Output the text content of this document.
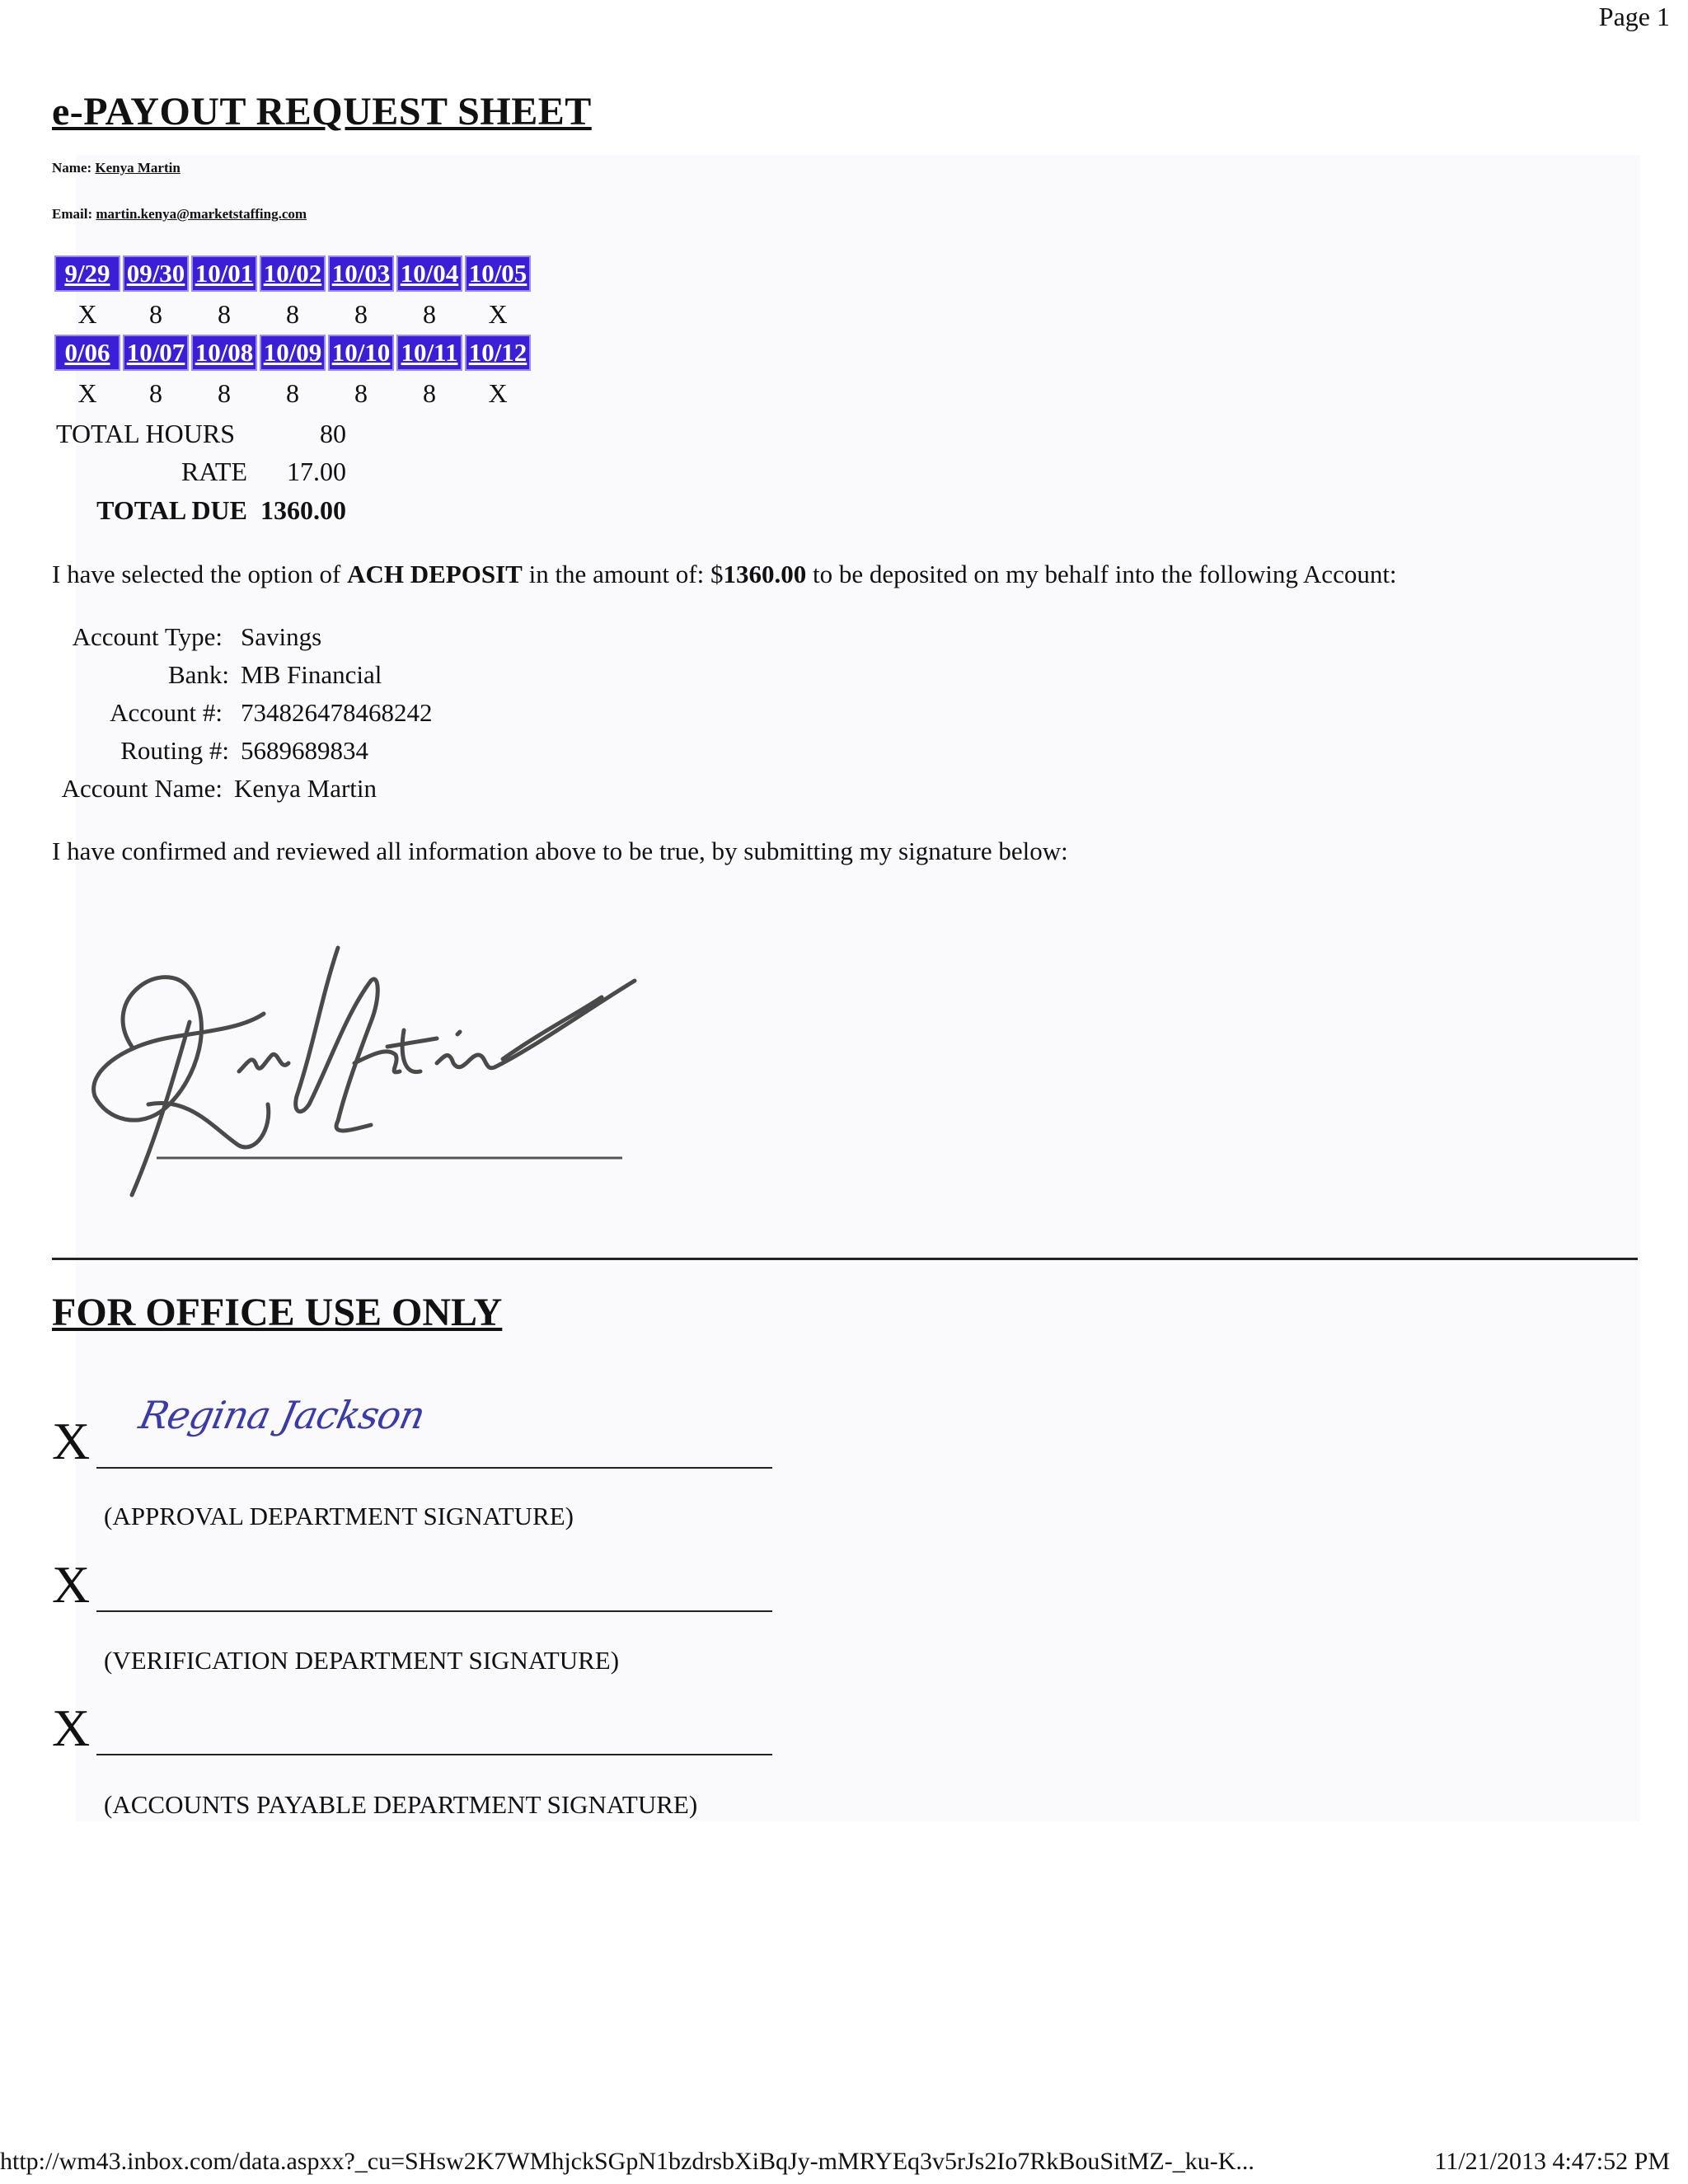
Page 1
e-PAYOUT REQUEST SHEET
Name: Kenya Martin
Email: martin.kenya@marketstaffing.com
9/29	09/30	10/01	10/02	10/03	10/04	10/05
X	8	8	8	8	8	X
0/06	10/07	10/08	10/09	10/10	10/11	10/12
X	8	8	8	8	8	X
TOTAL HOURS	80
RATE	17.00
TOTAL DUE 1360.00
I have selected the option of ACH DEPOSIT in the amount of: $1360.00 to be deposited on my behalf into the following Account:
Account Type: Savings
Bank: MB Financial
Account #: 734826478468242
Routing #: 5689689834
Account Name: Kenya Martin
I have confirmed and reviewed all information above to be true, by submitting my signature below:
FOR OFFICE USE ONLY
X Regina Jackson
(APPROVAL DEPARTMENT SIGNATURE)
X
(VERIFICATION DEPARTMENT SIGNATURE)
X
(ACCOUNTS PAYABLE DEPARTMENT SIGNATURE)
http://wm43.inbox.com/data.aspxx?_cu=SHsw2K7WMhjckSGpN1bzdrsbXiBqJy-mMRYEq3v5rJs2Io7RkBouSitMZ-_ku-K...	11/21/2013 4:47:52 PM
